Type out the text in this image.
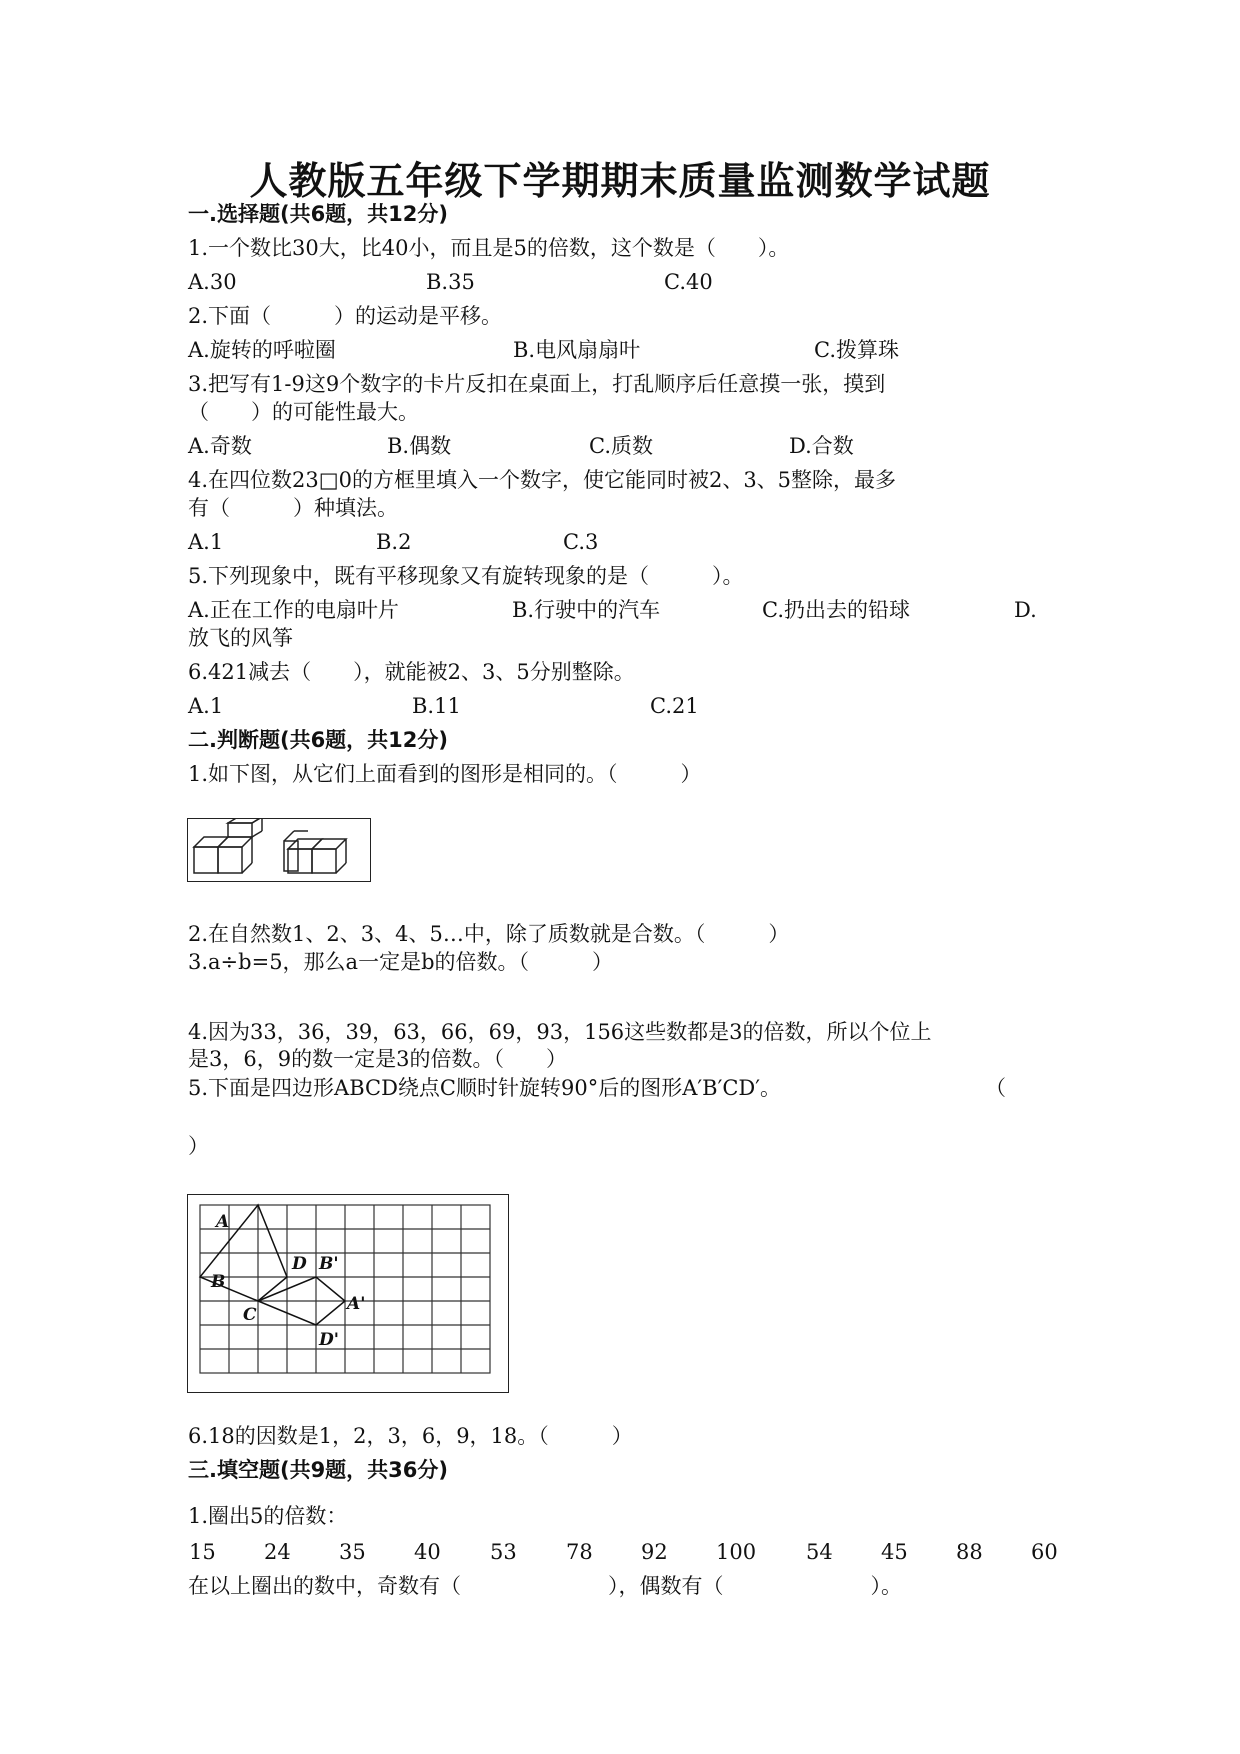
人教版五年级下学期期末质量监测数学试题
一.选择题(共6题，共12分)
1.一个数比30大，比40小，而且是5的倍数，这个数是（　　）。
A.30	B.35	C.40
2.下面（　　　）的运动是平移。
A.旋转的呼啦圈	B.电风扇扇叶	C.拨算珠
3.把写有1-9这9个数字的卡片反扣在桌面上，打乱顺序后任意摸一张，摸到
（　　）的可能性最大。
A.奇数	B.偶数	C.质数	D.合数
4.在四位数23□0的方框里填入一个数字，使它能同时被2、3、5整除，最多
有（　　　）种填法。
A.1	B.2	C.3
5.下列现象中，既有平移现象又有旋转现象的是（　　　）。
A.正在工作的电扇叶片	B.行驶中的汽车	C.扔出去的铅球	D.
放飞的风筝
6.421减去（　　），就能被2、3、5分别整除。
A.1	B.11	C.21
二.判断题(共6题，共12分)
1.如下图，从它们上面看到的图形是相同的。（　　　）
2.在自然数1、2、3、4、5…中，除了质数就是合数。（　　　）
3.a÷b=5，那么a一定是b的倍数。（　　　）
4.因为33，36，39，63，66，69，93，156这些数都是3的倍数，所以个位上
是3，6，9的数一定是3的倍数。（　　）
5.下面是四边形ABCD绕点C顺时针旋转90°后的图形A′B′CD′。	（
）
A
B
C
D B'
A'
D'
6.18的因数是1，2，3，6，9，18。（　　　）
三.填空题(共9题，共36分)
1.圈出5的倍数：
15 24 35 40 53 78 92 100 54 45 88 60
在以上圈出的数中，奇数有（　　　　　　　），偶数有（　　　　　　　）。
